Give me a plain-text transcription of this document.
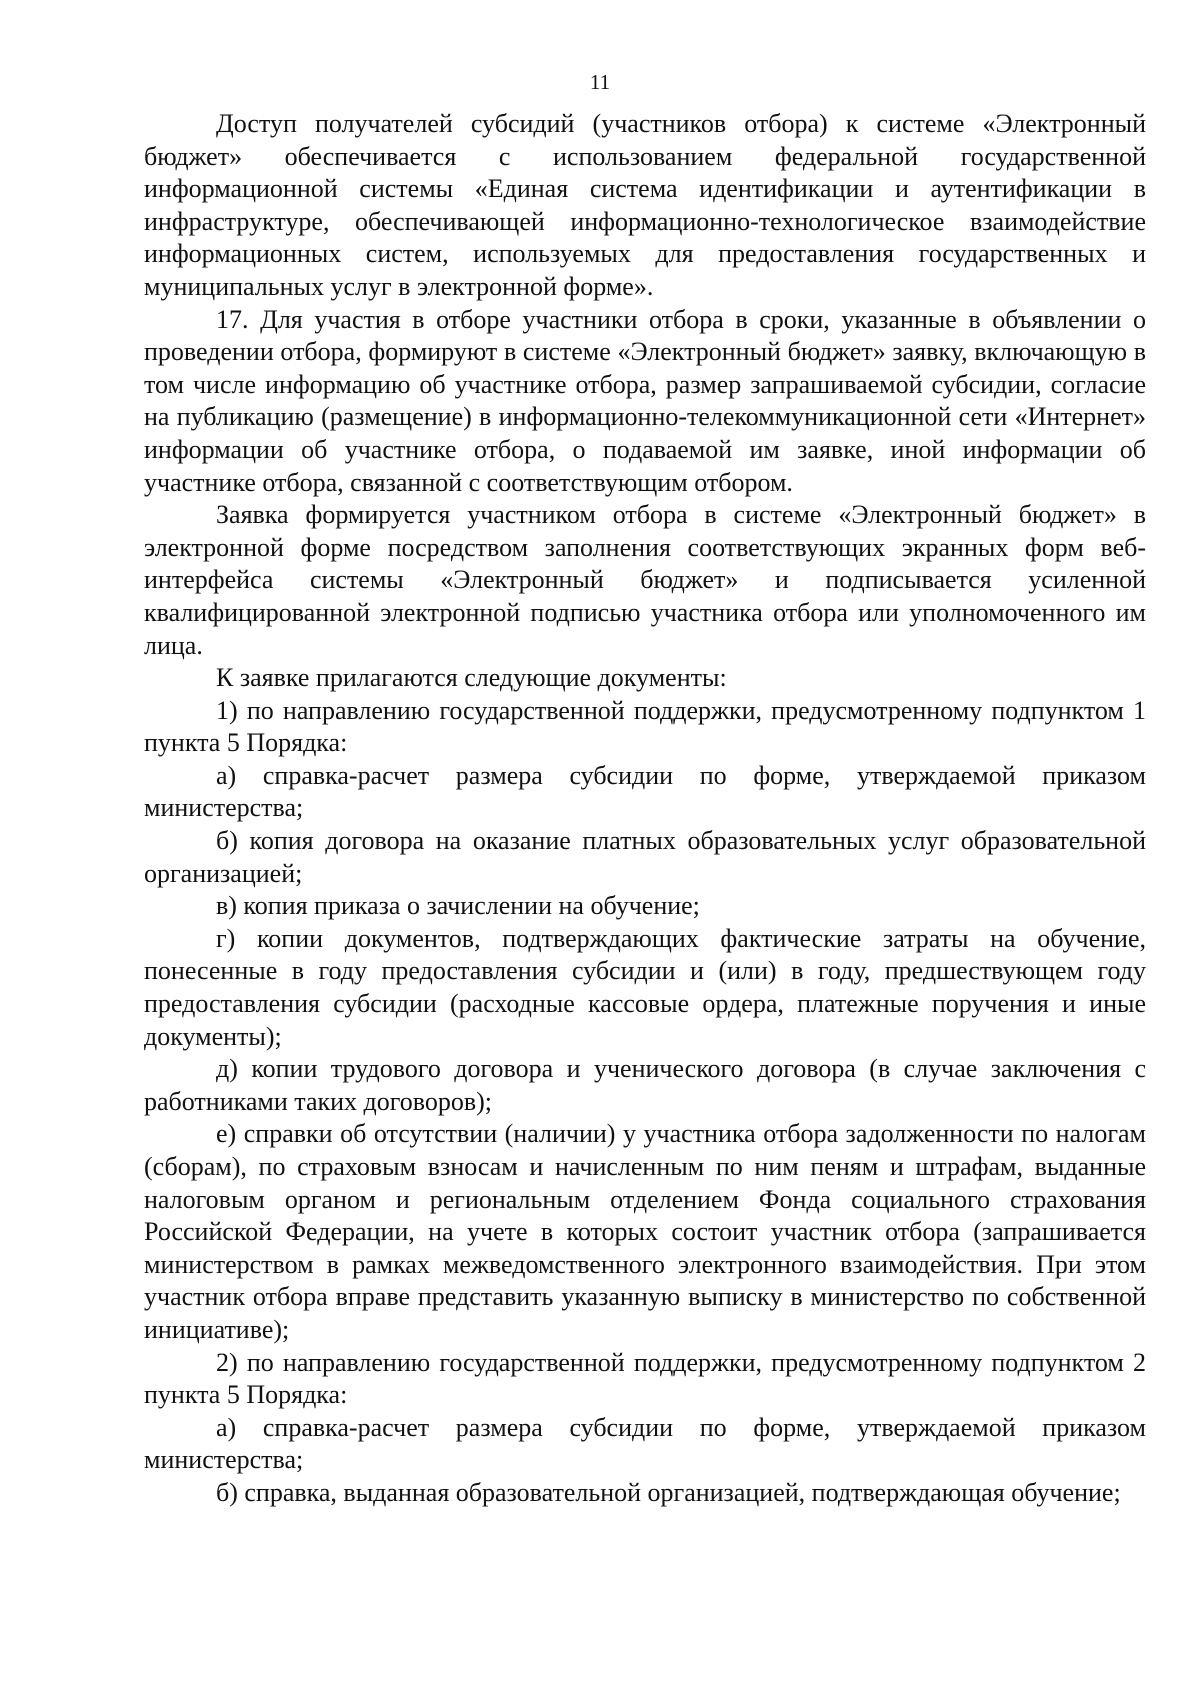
11

Доступ получателей субсидий (участников отбора) к системе «Электронный бюджет» обеспечивается с использованием федеральной государственной информационной системы «Единая система идентификации и аутентификации в инфраструктуре, обеспечивающей информационно-технологическое взаимодействие информационных систем, используемых для предоставления государственных и муниципальных услуг в электронной форме».

17. Для участия в отборе участники отбора в сроки, указанные в объявлении о проведении отбора, формируют в системе «Электронный бюджет» заявку, включающую в том числе информацию об участнике отбора, размер запрашиваемой субсидии, согласие на публикацию (размещение) в информационно-телекоммуникационной сети «Интернет» информации об участнике отбора, о подаваемой им заявке, иной информации об участнике отбора, связанной с соответствующим отбором.

Заявка формируется участником отбора в системе «Электронный бюджет» в электронной форме посредством заполнения соответствующих экранных форм веб-интерфейса системы «Электронный бюджет» и подписывается усиленной квалифицированной электронной подписью участника отбора или уполномоченного им лица.

К заявке прилагаются следующие документы:

1) по направлению государственной поддержки, предусмотренному подпунктом 1 пункта 5 Порядка:

а) справка-расчет размера субсидии по форме, утверждаемой приказом министерства;

б) копия договора на оказание платных образовательных услуг образовательной организацией;

в) копия приказа о зачислении на обучение;

г) копии документов, подтверждающих фактические затраты на обучение, понесенные в году предоставления субсидии и (или) в году, предшествующем году предоставления субсидии (расходные кассовые ордера, платежные поручения и иные документы);

д) копии трудового договора и ученического договора (в случае заключения с работниками таких договоров);

е) справки об отсутствии (наличии) у участника отбора задолженности по налогам (сборам), по страховым взносам и начисленным по ним пеням и штрафам, выданные налоговым органом и региональным отделением Фонда социального страхования Российской Федерации, на учете в которых состоит участник отбора (запрашивается министерством в рамках межведомственного электронного взаимодействия. При этом участник отбора вправе представить указанную выписку в министерство по собственной инициативе);

2) по направлению государственной поддержки, предусмотренному подпунктом 2 пункта 5 Порядка:

а) справка-расчет размера субсидии по форме, утверждаемой приказом министерства;

б) справка, выданная образовательной организацией, подтверждающая обучение;
